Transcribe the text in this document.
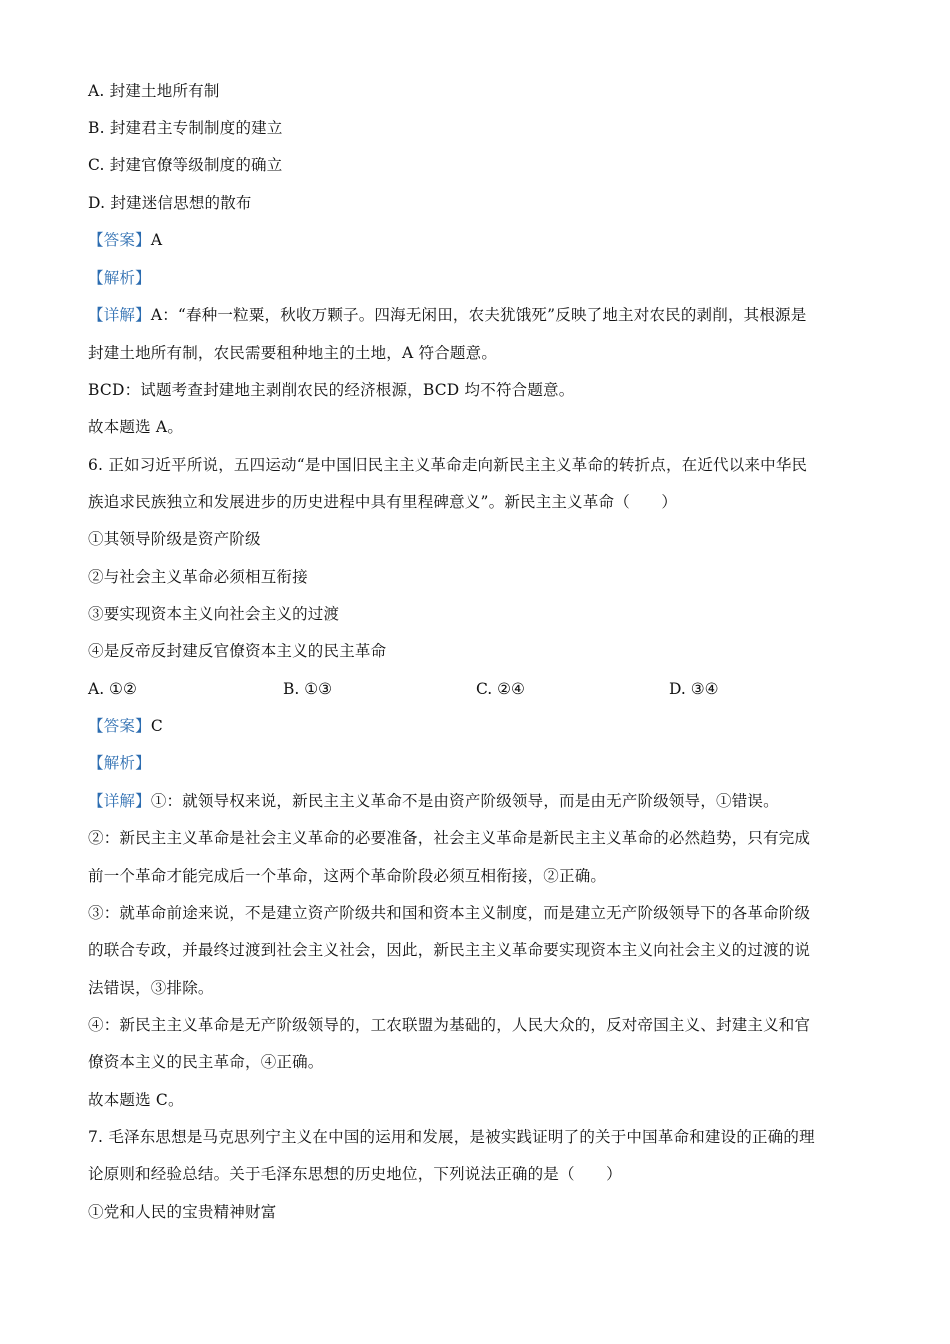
A. 封建土地所有制

B. 封建君主专制制度的建立

C. 封建官僚等级制度的确立

D. 封建迷信思想的散布

【答案】A

【解析】

【详解】A：“春种一粒粟，秋收万颗子。四海无闲田，农夫犹饿死”反映了地主对农民的剥削，其根源是

封建土地所有制，农民需要租种地主的土地，A 符合题意。

BCD：试题考查封建地主剥削农民的经济根源，BCD 均不符合题意。

故本题选 A。

6. 正如习近平所说，五四运动“是中国旧民主主义革命走向新民主主义革命的转折点，在近代以来中华民

族追求民族独立和发展进步的历史进程中具有里程碑意义”。新民主主义革命（　　）

①其领导阶级是资产阶级

②与社会主义革命必须相互衔接

③要实现资本主义向社会主义的过渡

④是反帝反封建反官僚资本主义的民主革命

A. ①②	B. ①③	C. ②④	D. ③④

【答案】C

【解析】

【详解】①：就领导权来说，新民主主义革命不是由资产阶级领导，而是由无产阶级领导，①错误。

②：新民主主义革命是社会主义革命的必要准备，社会主义革命是新民主主义革命的必然趋势，只有完成

前一个革命才能完成后一个革命，这两个革命阶段必须互相衔接，②正确。

③：就革命前途来说，不是建立资产阶级共和国和资本主义制度，而是建立无产阶级领导下的各革命阶级

的联合专政，并最终过渡到社会主义社会，因此，新民主主义革命要实现资本主义向社会主义的过渡的说

法错误，③排除。

④：新民主主义革命是无产阶级领导的，工农联盟为基础的，人民大众的，反对帝国主义、封建主义和官

僚资本主义的民主革命，④正确。

故本题选 C。

7. 毛泽东思想是马克思列宁主义在中国的运用和发展，是被实践证明了的关于中国革命和建设的正确的理

论原则和经验总结。关于毛泽东思想的历史地位，下列说法正确的是（　　）

①党和人民的宝贵精神财富
